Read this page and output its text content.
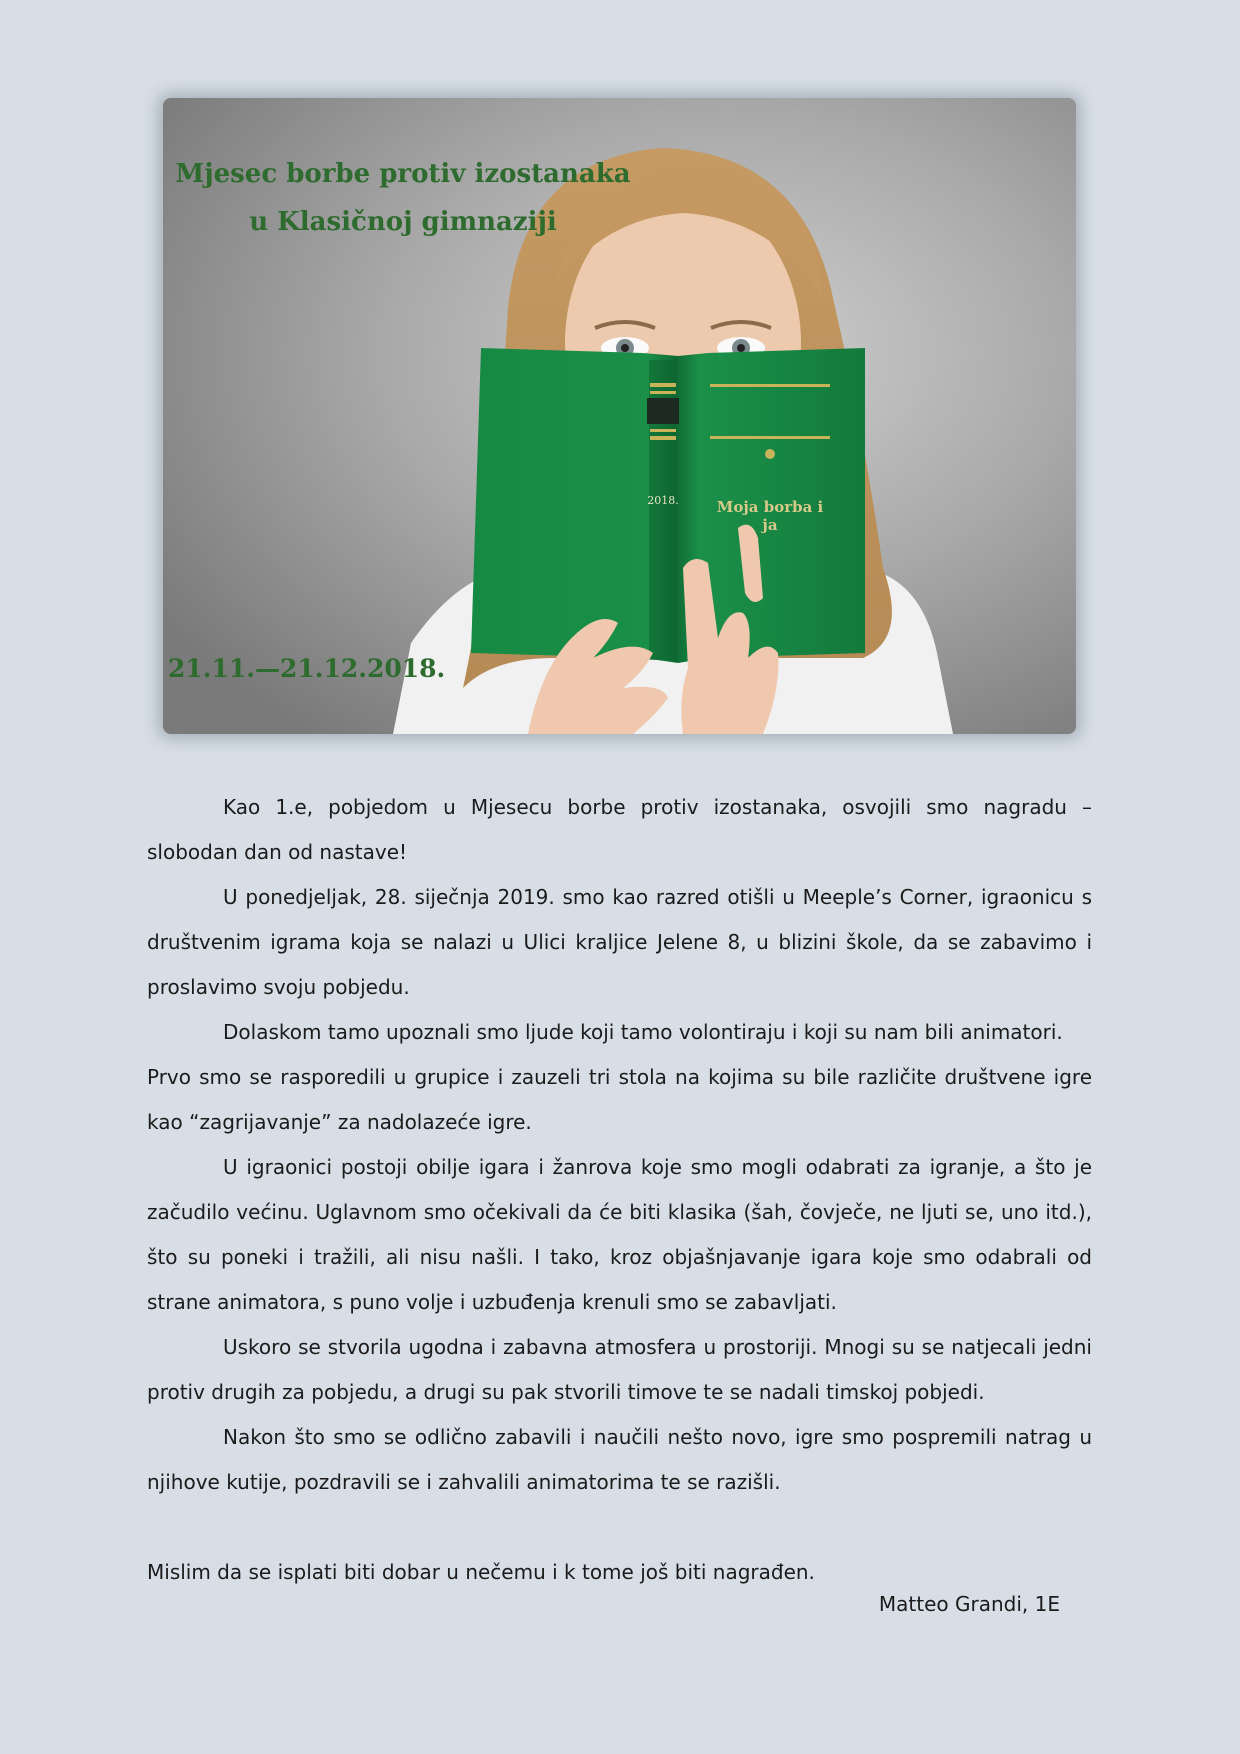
2018.	Moja borba i ja
Mjesec borbe protiv izostanaka
u Klasičnoj gimnaziji
21.11.—21.12.2018.

Kao 1.e, pobjedom u Mjesecu borbe protiv izostanaka, osvojili smo nagradu – slobodan dan od nastave!

U ponedjeljak, 28. siječnja 2019. smo kao razred otišli u Meeple’s Corner, igraonicu s društvenim igrama koja se nalazi u Ulici kraljice Jelene 8, u blizini škole, da se zabavimo i proslavimo svoju pobjedu.

Dolaskom tamo upoznali smo ljude koji tamo volontiraju i koji su nam bili animatori.

Prvo smo se rasporedili u grupice i zauzeli tri stola na kojima su bile različite društvene igre kao “zagrijavanje” za nadolazeće igre.

U igraonici postoji obilje igara i žanrova koje smo mogli odabrati za igranje, a što je začudilo većinu. Uglavnom smo očekivali da će biti klasika (šah, čovječe, ne ljuti se, uno itd.), što su poneki i tražili, ali nisu našli. I tako, kroz objašnjavanje igara koje smo odabrali od strane animatora, s puno volje i uzbuđenja krenuli smo se zabavljati.

Uskoro se stvorila ugodna i zabavna atmosfera u prostoriji. Mnogi su se natjecali jedni protiv drugih za pobjedu, a drugi su pak stvorili timove te se nadali timskoj pobjedi.

Nakon što smo se odlično zabavili i naučili nešto novo, igre smo pospremili natrag u njihove kutije, pozdravili se i zahvalili animatorima te se razišli.

Mislim da se isplati biti dobar u nečemu i k tome još biti nagrađen.

Matteo Grandi, 1E
